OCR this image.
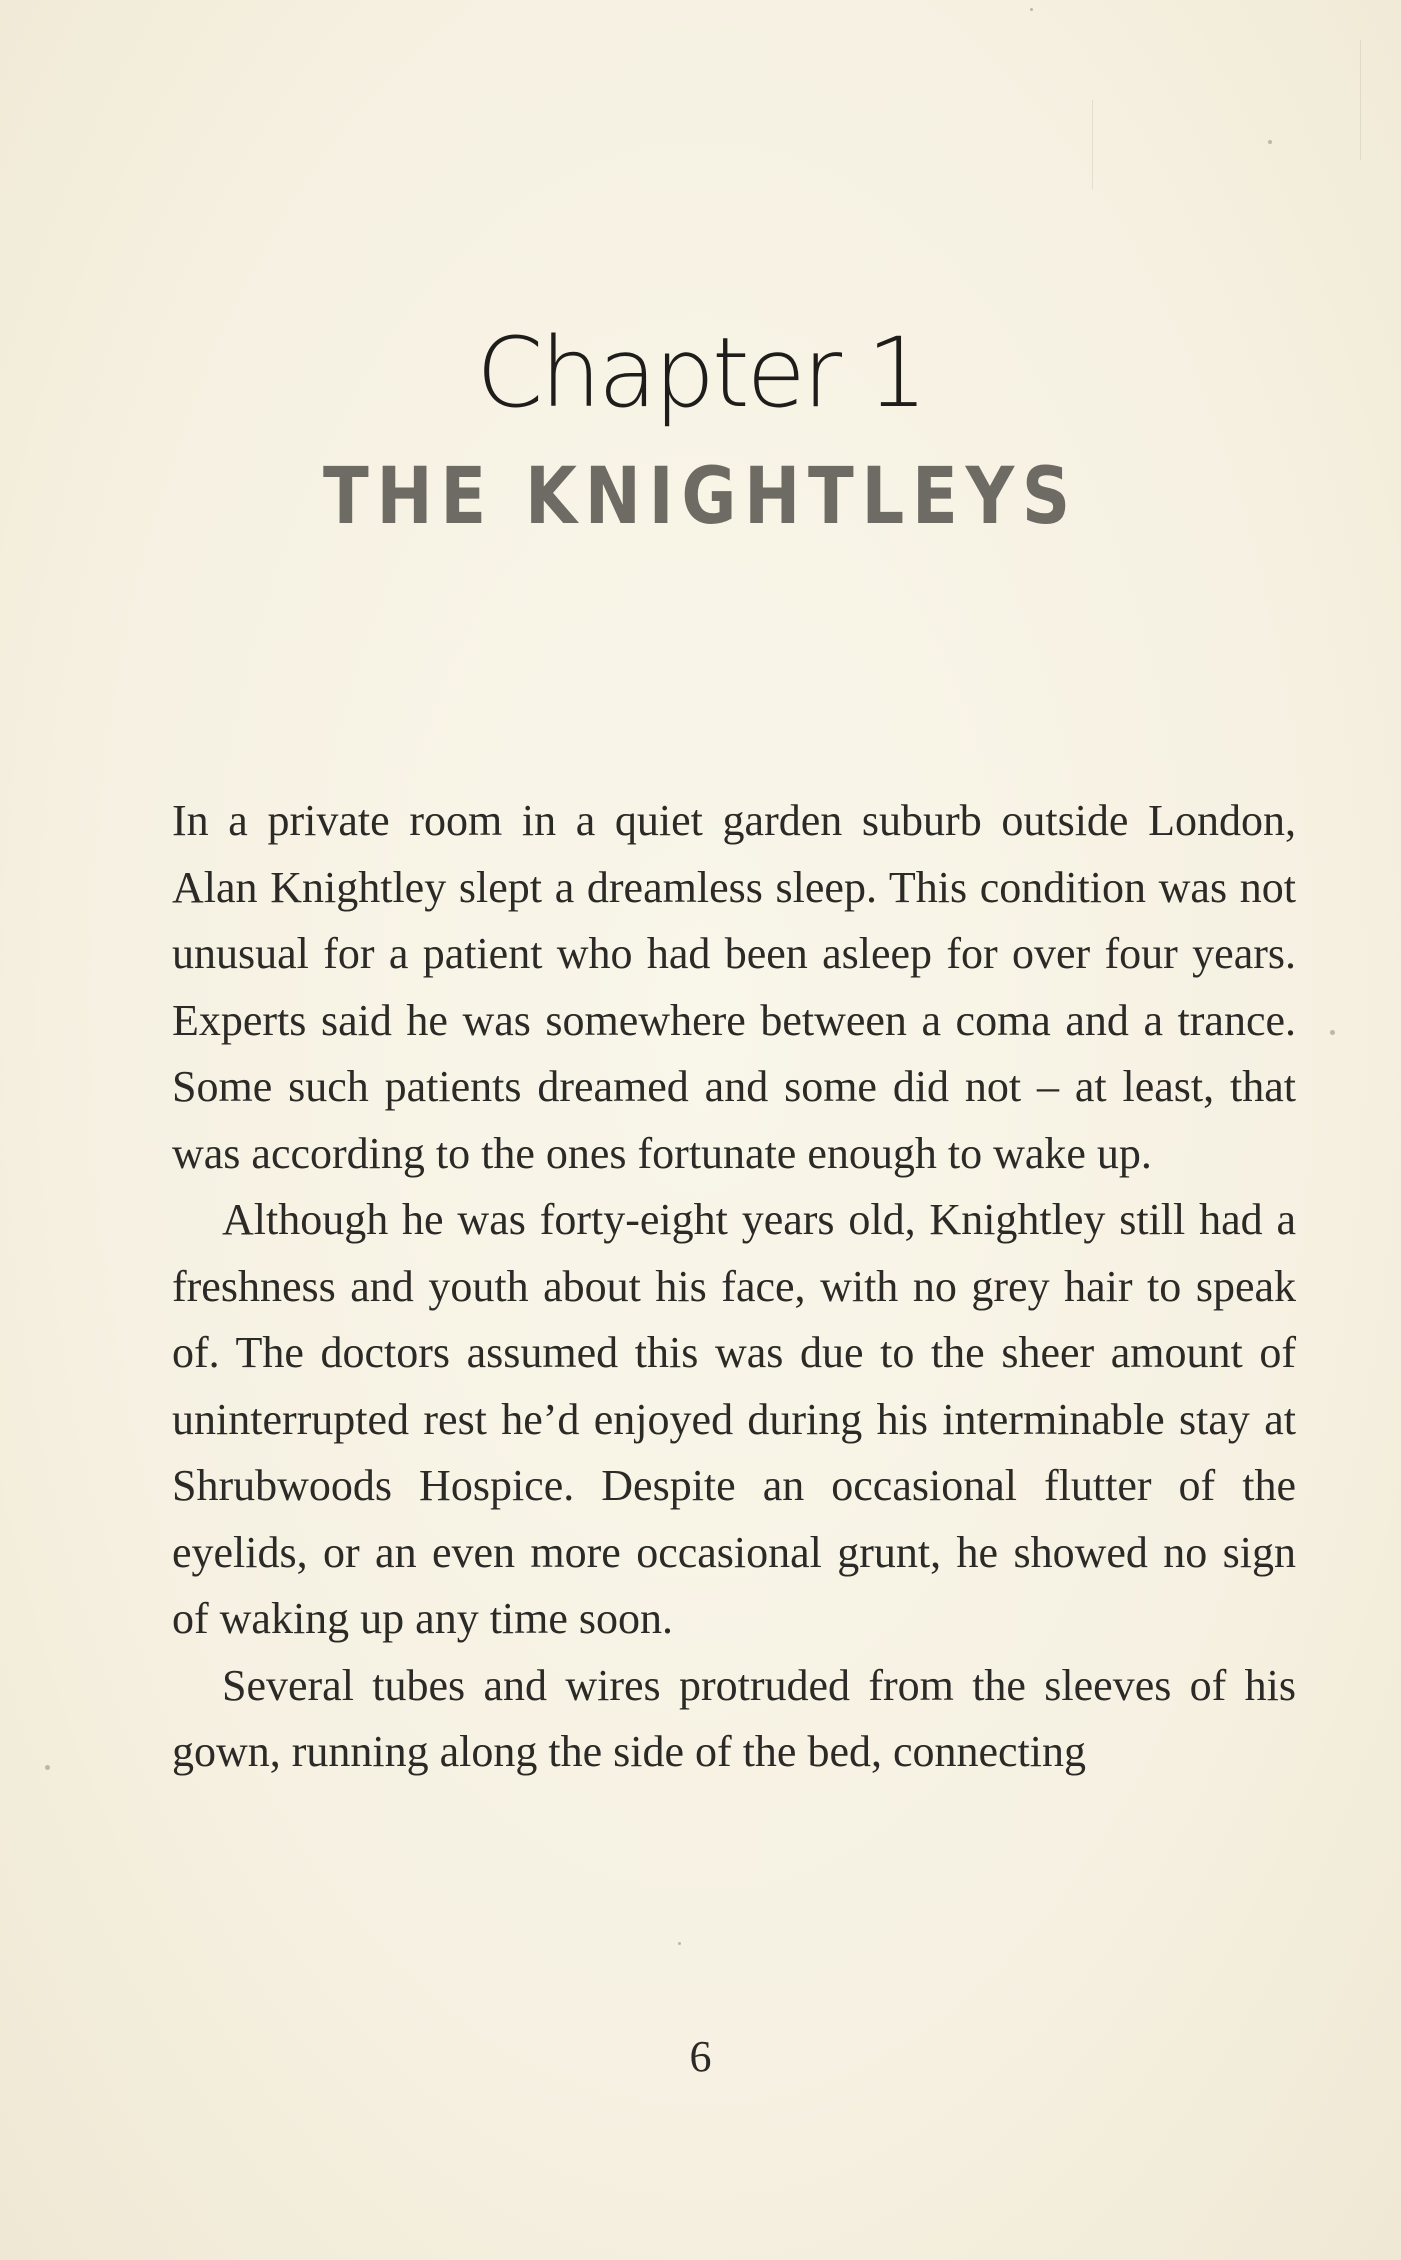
Chapter 1
THE KNIGHTLEYS

In a private room in a quiet garden suburb outside London, Alan Knightley slept a dreamless sleep. This condition was not unusual for a patient who had been asleep for over four years. Experts said he was somewhere between a coma and a trance. Some such patients dreamed and some did not – at least, that was according to the ones fortunate enough to wake up.

Although he was forty-eight years old, Knightley still had a freshness and youth about his face, with no grey hair to speak of. The doctors assumed this was due to the sheer amount of uninterrupted rest he’d enjoyed during his interminable stay at Shrubwoods Hospice. Despite an occasional flutter of the eyelids, or an even more occasional grunt, he showed no sign of waking up any time soon.

Several tubes and wires protruded from the sleeves of his gown, running along the side of the bed, connecting

6
